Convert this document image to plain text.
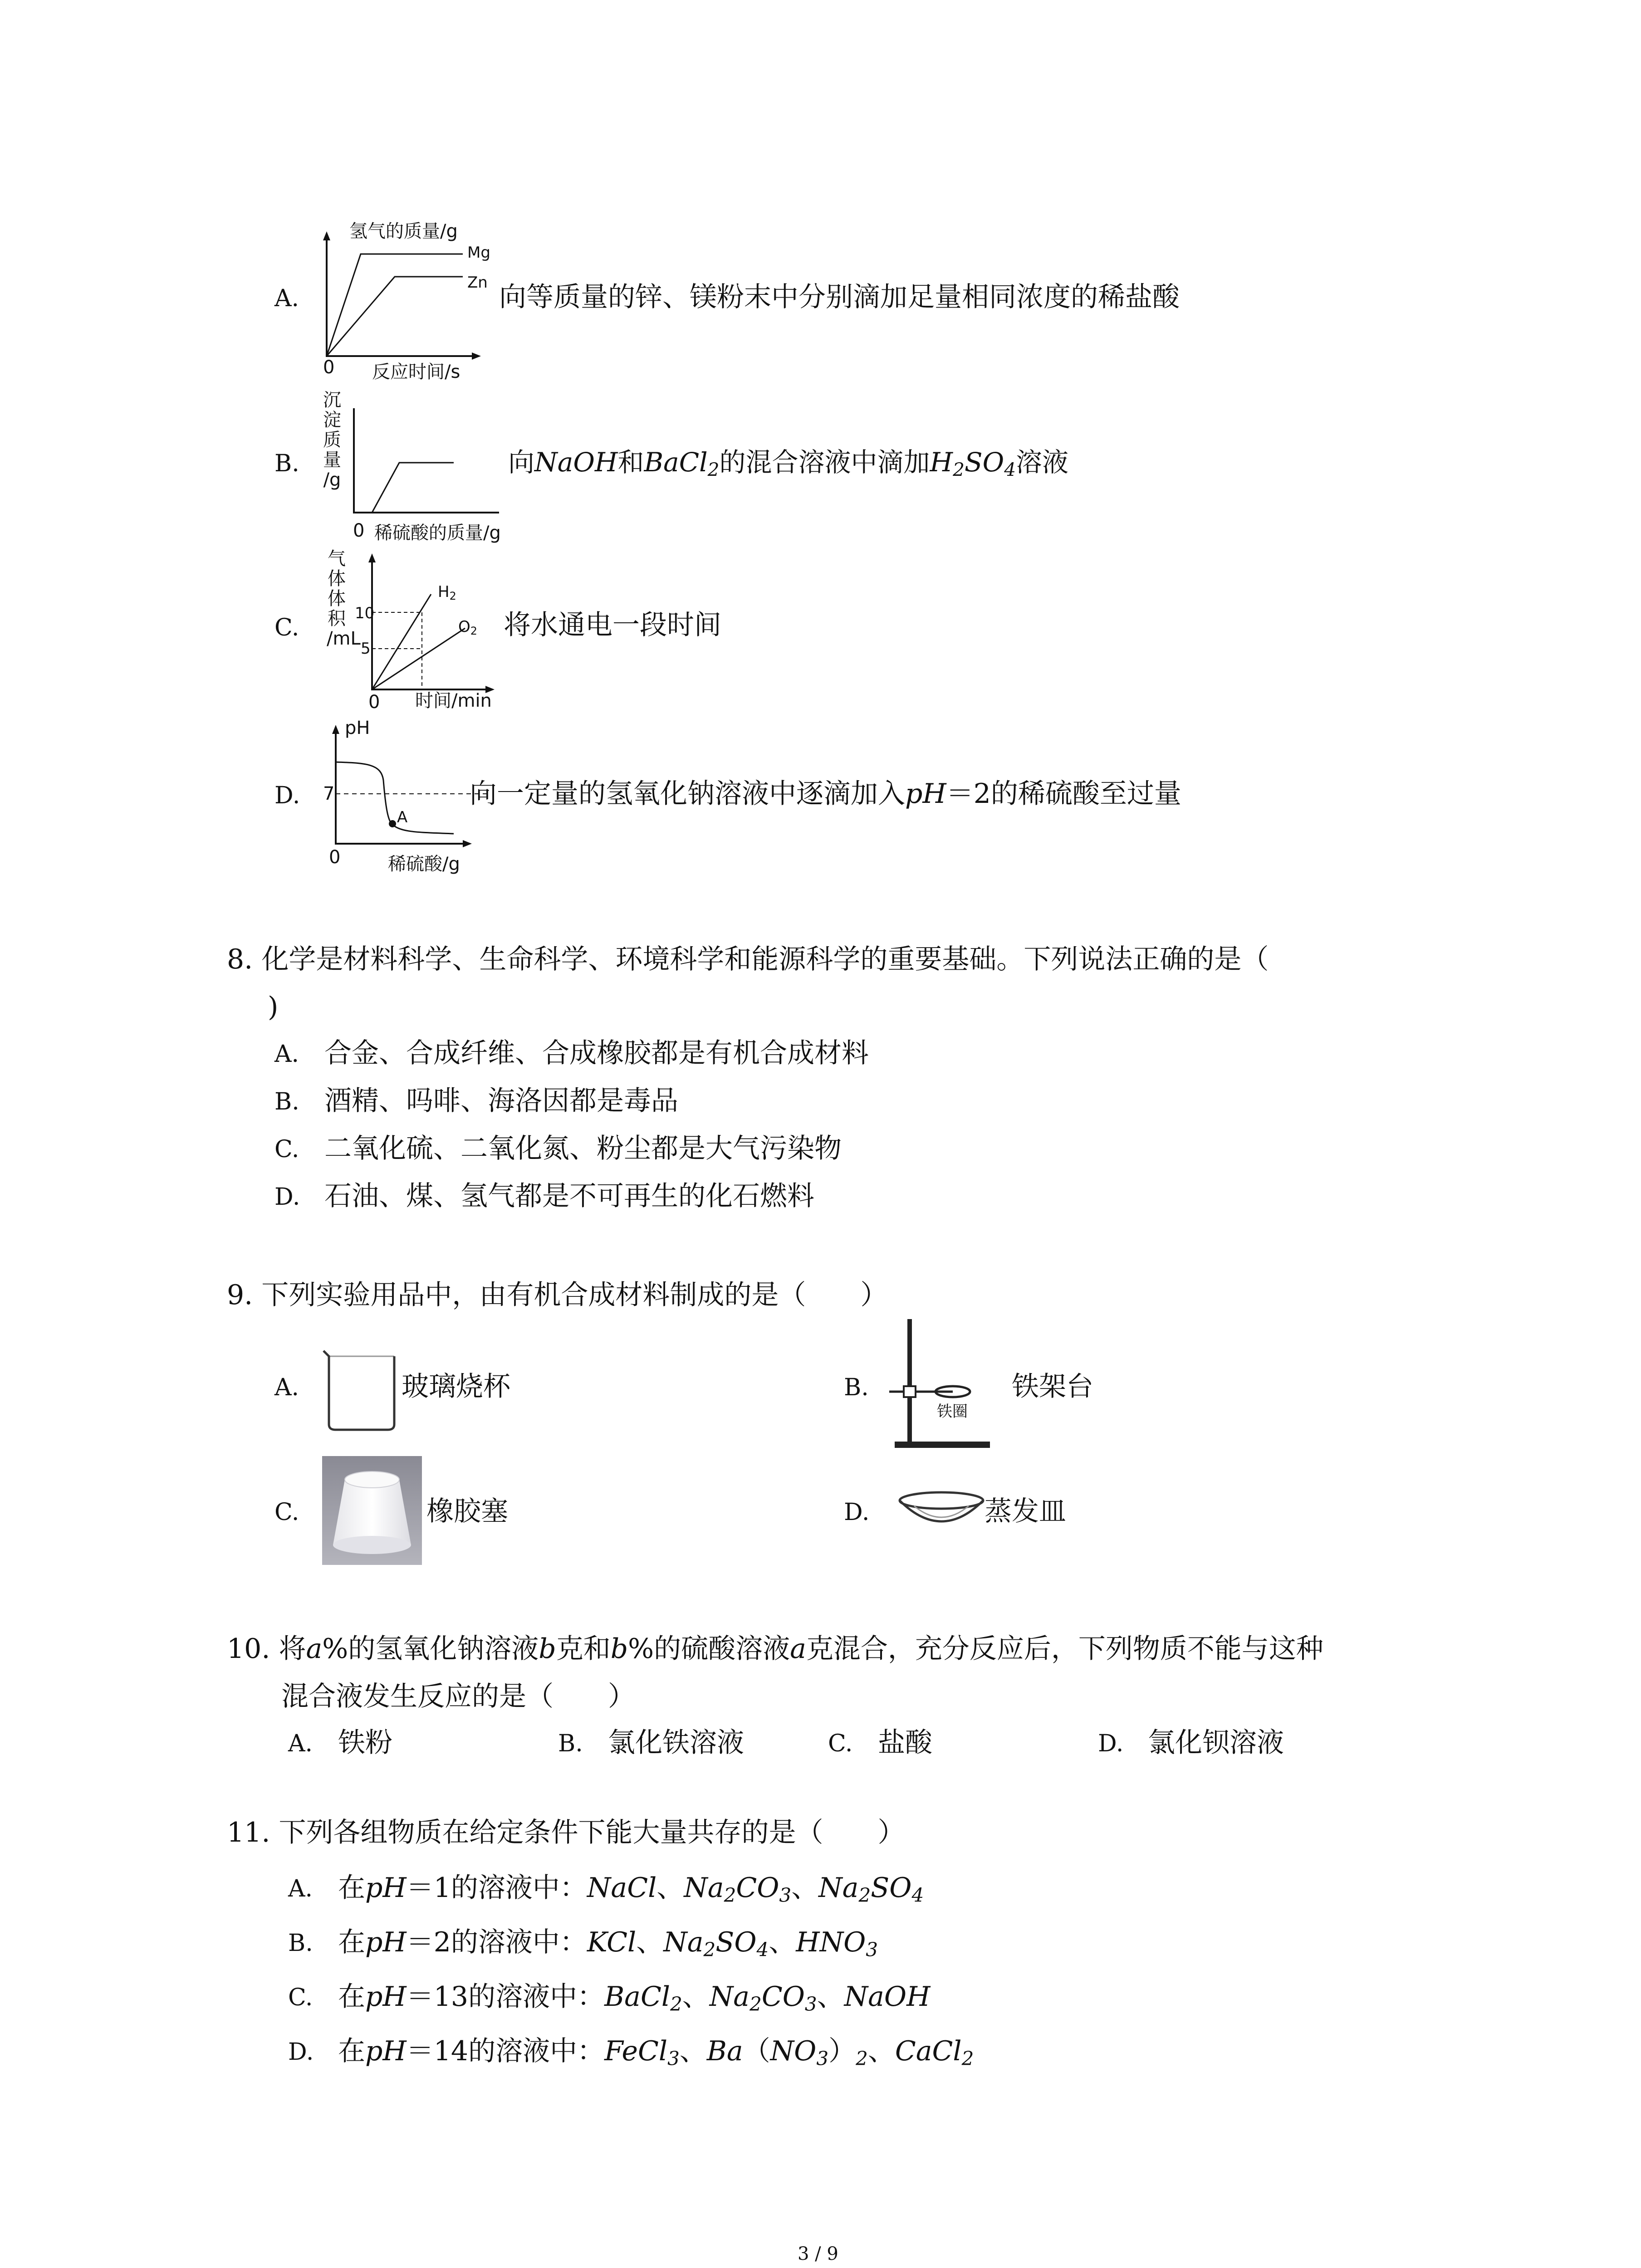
A.
氢气的质量/g
Mg
Zn
0 反应时间/s
向等质量的锌、镁粉末中分别滴加足量相同浓度的稀盐酸
B.
沉
淀
质
量
/g
0 稀硫酸的质量/g
向NaOH和BaCl$_2$的混合溶液中滴加$H_2SO_4$溶液
C.
气
体
体
积
/mL
10
5
$H_2$
$O_2$
0 时间/min
将水通电一段时间
D.
pH
7
A
0	稀硫酸/g
向一定量的氢氧化钠溶液中逐滴加入pH＝2的稀硫酸至过量
8. 化学是材料科学、生命科学、环境科学和能源科学的重要基础。下列说法正确的是（
)
A. 合金、合成纤维、合成橡胶都是有机合成材料
B. 酒精、吗啡、海洛因都是毒品
C. 二氧化硫、二氧化氮、粉尘都是大气污染物
D. 石油、煤、氢气都是不可再生的化石燃料
9. 下列实验用品中，由有机合成材料制成的是（　　）
A.	玻璃烧杯	B.
铁圈
铁架台
C.	橡胶塞	D.	蒸发皿
10. 将a%的氢氧化钠溶液b克和b%的硫酸溶液a克混合，充分反应后，下列物质不能与这种
混合液发生反应的是（　　）
A. 铁粉	B. 氯化铁溶液	C. 盐酸	D. 氯化钡溶液
11. 下列各组物质在给定条件下能大量共存的是（　　）
A. 在pH＝1的溶液中：NaCl、$Na_2CO_3$、$Na_2SO_4$
B. 在pH＝2的溶液中：KCl、$Na_2SO_4$、$HNO_3$
C. 在pH＝13的溶液中：BaCl$_2$、$Na_2CO_3$、NaOH
D. 在pH＝14的溶液中：FeCl$_3$、$Ba(NO_3)_2$、CaCl$_2$
3 / 9
